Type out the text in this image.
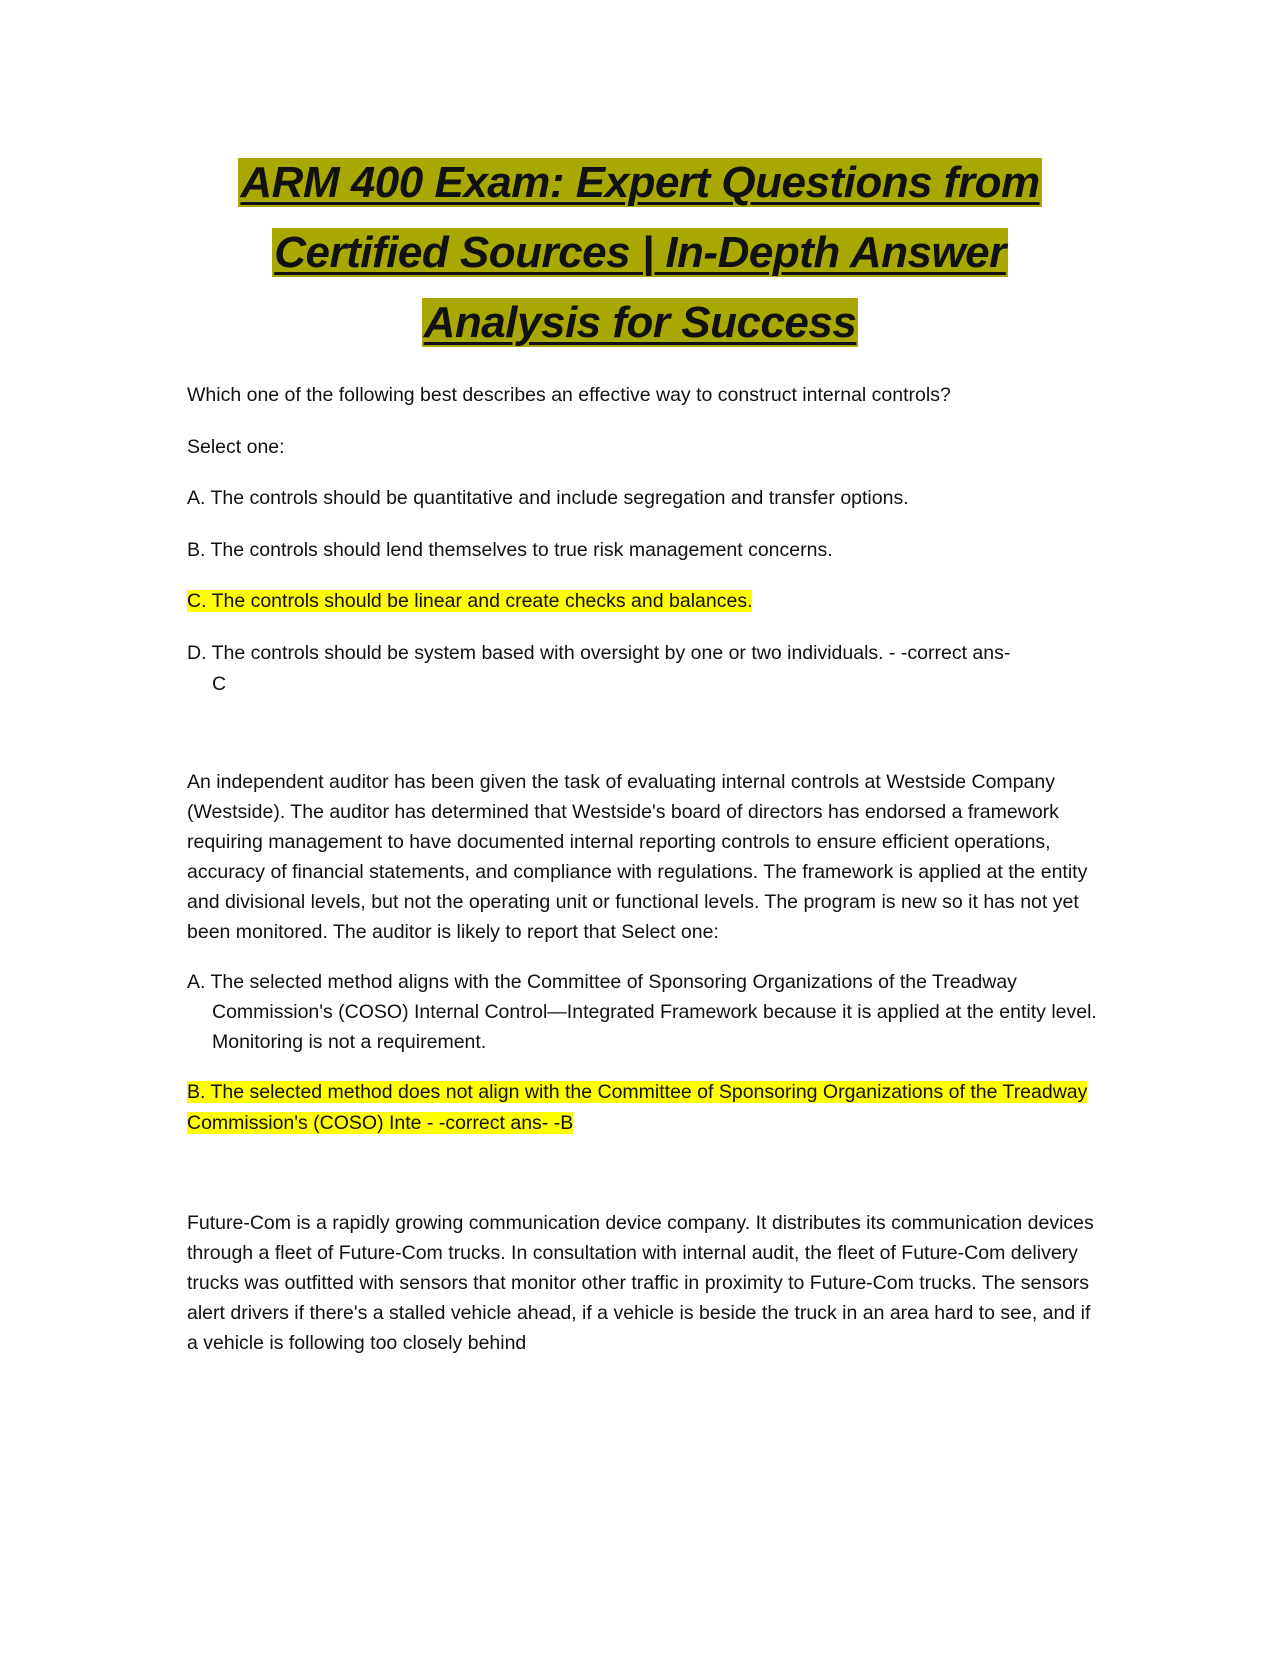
ARM 400 Exam: Expert Questions from
Certified Sources | In-Depth Answer
Analysis for Success

Which one of the following best describes an effective way to construct internal controls?

Select one:

A. The controls should be quantitative and include segregation and transfer options.

B. The controls should lend themselves to true risk management concerns.

C. The controls should be linear and create checks and balances.

D. The controls should be system based with oversight by one or two individuals. - -correct ans-

C

An independent auditor has been given the task of evaluating internal controls at Westside Company (Westside). The auditor has determined that Westside's board of directors has endorsed a framework requiring management to have documented internal reporting controls to ensure efficient operations, accuracy of financial statements, and compliance with regulations. The framework is applied at the entity and divisional levels, but not the operating unit or functional levels. The program is new so it has not yet been monitored. The auditor is likely to report that Select one:

A. The selected method aligns with the Committee of Sponsoring Organizations of the Treadway Commission's (COSO) Internal Control—Integrated Framework because it is applied at the entity level. Monitoring is not a requirement.

B. The selected method does not align with the Committee of Sponsoring Organizations of the Treadway Commission's (COSO) Inte - -correct ans- -B

Future-Com is a rapidly growing communication device company. It distributes its communication devices through a fleet of Future-Com trucks. In consultation with internal audit, the fleet of Future-Com delivery trucks was outfitted with sensors that monitor other traffic in proximity to Future-Com trucks. The sensors alert drivers if there's a stalled vehicle ahead, if a vehicle is beside the truck in an area hard to see, and if a vehicle is following too closely behind
